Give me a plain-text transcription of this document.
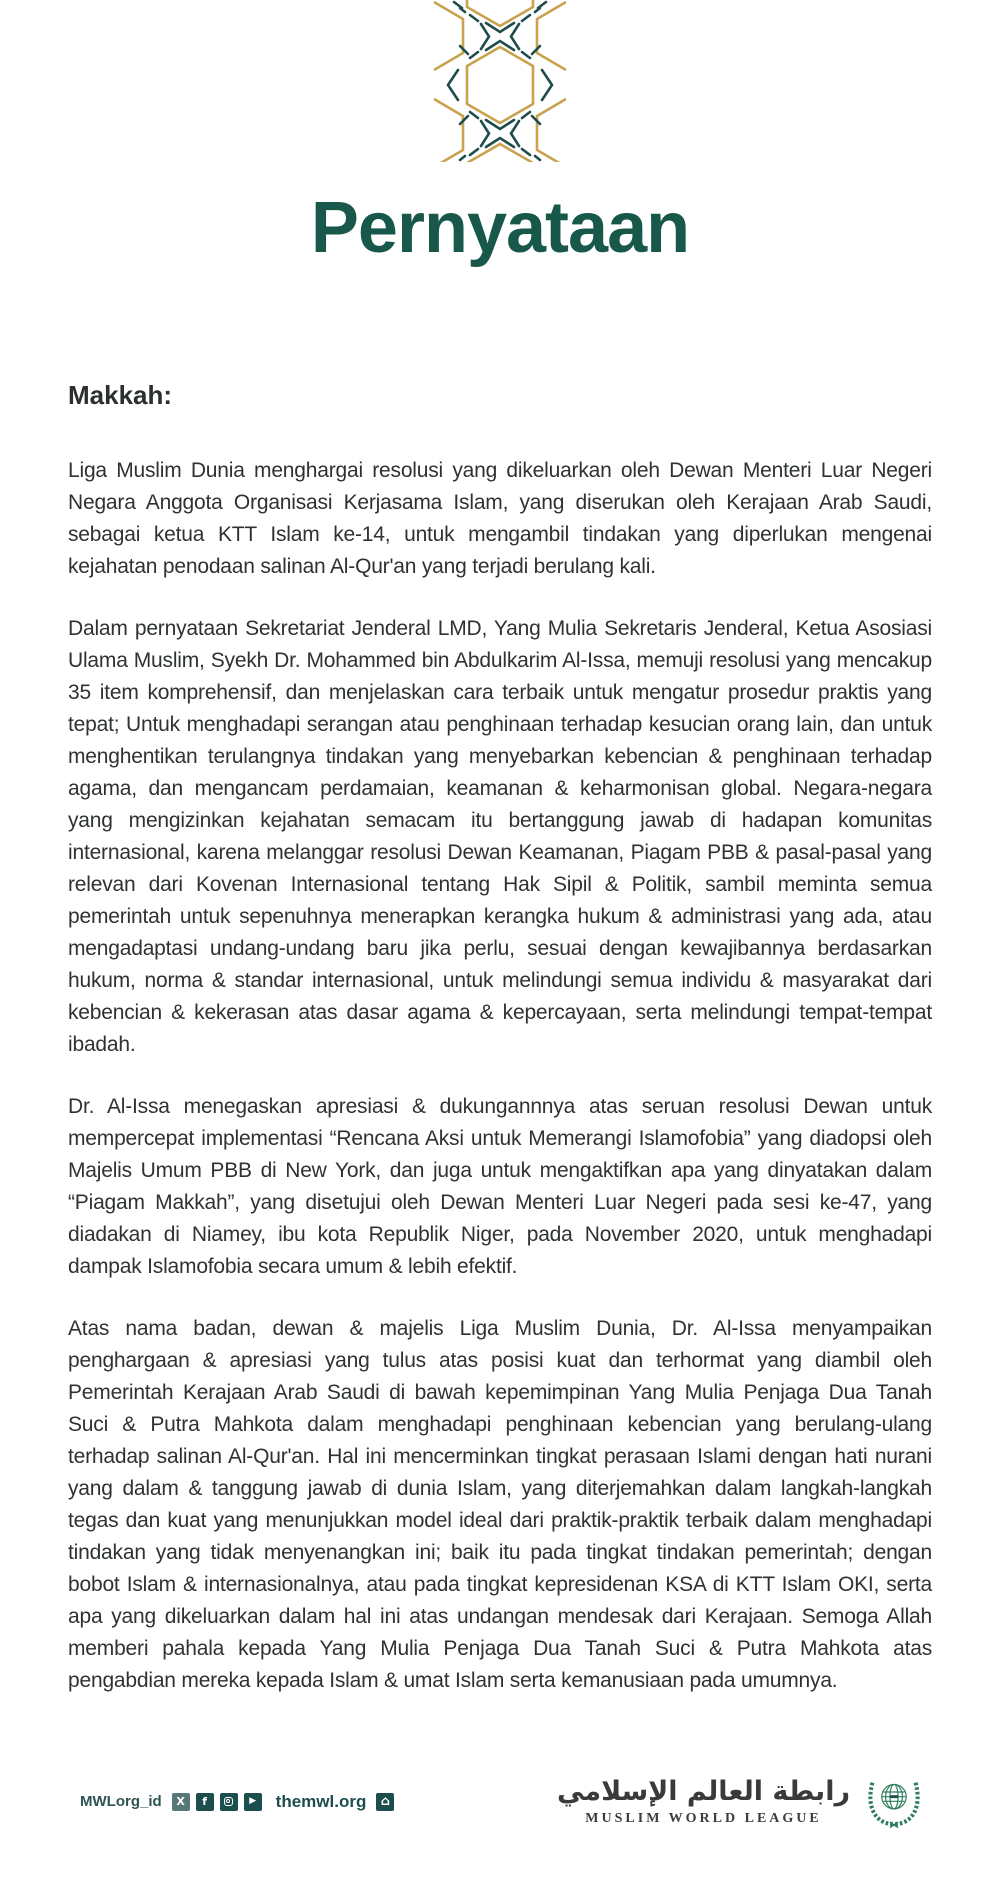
Pernyataan
Makkah:

Liga Muslim Dunia menghargai resolusi yang dikeluarkan oleh Dewan Menteri Luar Negeri Negara Anggota Organisasi Kerjasama Islam, yang diserukan oleh Kerajaan Arab Saudi, sebagai ketua KTT Islam ke-14, untuk mengambil tindakan yang diperlukan mengenai kejahatan penodaan salinan Al-Qur'an yang terjadi berulang kali.

Dalam pernyataan Sekretariat Jenderal LMD, Yang Mulia Sekretaris Jenderal, Ketua Asosiasi Ulama Muslim, Syekh Dr. Mohammed bin Abdulkarim Al-Issa, memuji resolusi yang mencakup 35 item komprehensif, dan menjelaskan cara terbaik untuk mengatur prosedur praktis yang tepat; Untuk menghadapi serangan atau penghinaan terhadap kesucian orang lain, dan untuk menghentikan terulangnya tindakan yang menyebarkan kebencian & penghinaan terhadap agama, dan mengancam perdamaian, keamanan & keharmonisan global. Negara-negara yang mengizinkan kejahatan semacam itu bertanggung jawab di hadapan komunitas internasional, karena melanggar resolusi Dewan Keamanan, Piagam PBB & pasal-pasal yang relevan dari Kovenan Internasional tentang Hak Sipil & Politik, sambil meminta semua pemerintah untuk sepenuhnya menerapkan kerangka hukum & administrasi yang ada, atau mengadaptasi undang-undang baru jika perlu, sesuai dengan kewajibannya berdasarkan hukum, norma & standar internasional, untuk melindungi semua individu & masyarakat dari kebencian & kekerasan atas dasar agama & kepercayaan, serta melindungi tempat-tempat ibadah.

Dr. Al-Issa menegaskan apresiasi & dukungannnya atas seruan resolusi Dewan untuk mempercepat implementasi “Rencana Aksi untuk Memerangi Islamofobia” yang diadopsi oleh Majelis Umum PBB di New York, dan juga untuk mengaktifkan apa yang dinyatakan dalam “Piagam Makkah”, yang disetujui oleh Dewan Menteri Luar Negeri pada sesi ke-47, yang diadakan di Niamey, ibu kota Republik Niger, pada November 2020, untuk menghadapi dampak Islamofobia secara umum & lebih efektif.

Atas nama badan, dewan & majelis Liga Muslim Dunia, Dr. Al-Issa menyampaikan penghargaan & apresiasi yang tulus atas posisi kuat dan terhormat yang diambil oleh Pemerintah Kerajaan Arab Saudi di bawah kepemimpinan Yang Mulia Penjaga Dua Tanah Suci & Putra Mahkota dalam menghadapi penghinaan kebencian yang berulang-ulang terhadap salinan Al-Qur'an. Hal ini mencerminkan tingkat perasaan Islami dengan hati nurani yang dalam & tanggung jawab di dunia Islam, yang diterjemahkan dalam langkah-langkah tegas dan kuat yang menunjukkan model ideal dari praktik-praktik terbaik dalam menghadapi tindakan yang tidak menyenangkan ini; baik itu pada tingkat tindakan pemerintah; dengan bobot Islam & internasionalnya, atau pada tingkat kepresidenan KSA di KTT Islam OKI, serta apa yang dikeluarkan dalam hal ini atas undangan mendesak dari Kerajaan. Semoga Allah memberi pahala kepada Yang Mulia Penjaga Dua Tanah Suci & Putra Mahkota atas pengabdian mereka kepada Islam & umat Islam serta kemanusiaan pada umumnya.

MWLorg_id X f	▶ themwl.org ⌂	رابطة العالم الإسلامي
MUSLIM WORLD LEAGUE
